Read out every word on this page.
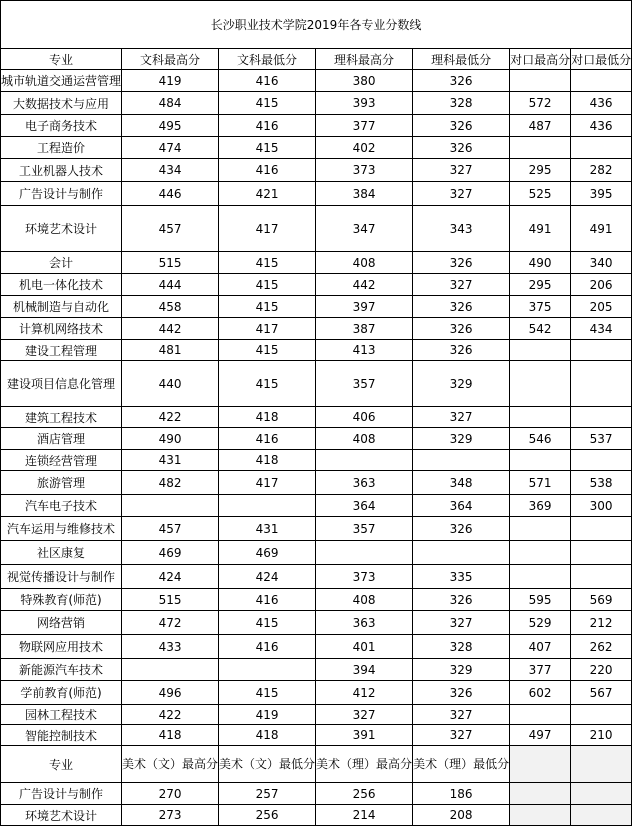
长沙职业技术学院2019年各专业分数线						
专业	文科最高分	文科最低分	理科最高分	理科最低分	对口最高分	对口最低分
城市轨道交通运营管理	419	416	380	326		
大数据技术与应用	484	415	393	328	572	436
电子商务技术	495	416	377	326	487	436
工程造价	474	415	402	326		
工业机器人技术	434	416	373	327	295	282
广告设计与制作	446	421	384	327	525	395
环境艺术设计	457	417	347	343	491	491
会计	515	415	408	326	490	340
机电一体化技术	444	415	442	327	295	206
机械制造与自动化	458	415	397	326	375	205
计算机网络技术	442	417	387	326	542	434
建设工程管理	481	415	413	326		
建设项目信息化管理	440	415	357	329		
建筑工程技术	422	418	406	327		
酒店管理	490	416	408	329	546	537
连锁经营管理	431	418				
旅游管理	482	417	363	348	571	538
汽车电子技术			364	364	369	300
汽车运用与维修技术	457	431	357	326		
社区康复	469	469				
视觉传播设计与制作	424	424	373	335		
特殊教育(师范)	515	416	408	326	595	569
网络营销	472	415	363	327	529	212
物联网应用技术	433	416	401	328	407	262
新能源汽车技术			394	329	377	220
学前教育(师范)	496	415	412	326	602	567
园林工程技术	422	419	327	327		
智能控制技术	418	418	391	327	497	210
专业	美术（文）最高分	美术（文）最低分	美术（理）最高分	美术（理）最低分		
广告设计与制作	270	257	256	186		
环境艺术设计	273	256	214	208		
